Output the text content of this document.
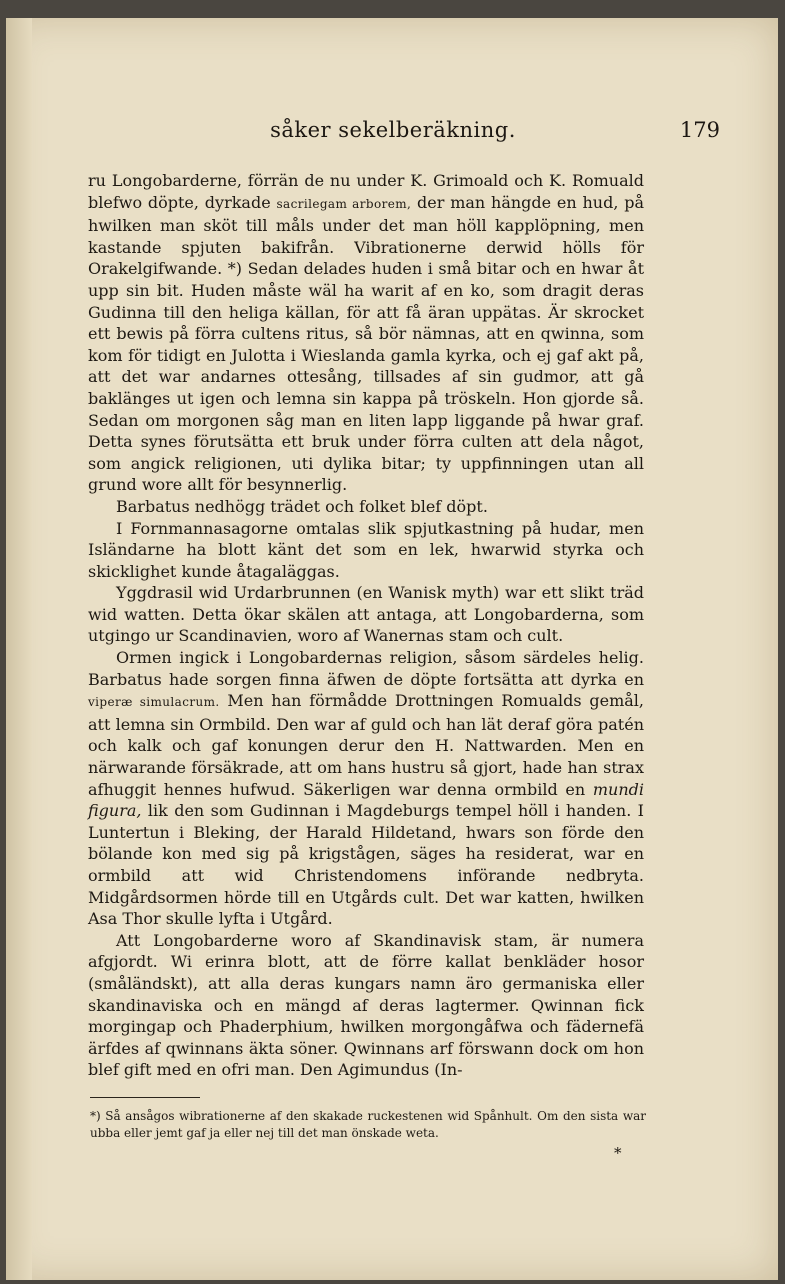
såker sekelberäkning.	179

ru Longobarderne, förrän de nu under K. Grimoald och K. Romuald blefwo döpte, dyrkade sacrilegam arborem, der man hängde en hud, på hwilken man sköt till måls under det man höll kapplöpning, men kastande spjuten bakifrån. Vibrationerne derwid hölls för Orakelgifwande. *) Sedan delades huden i små bitar och en hwar åt upp sin bit. Huden måste wäl ha warit af en ko, som dragit deras Gudinna till den heliga källan, för att få äran uppätas. Är skrocket ett bewis på förra cultens ritus, så bör nämnas, att en qwinna, som kom för tidigt en Julotta i Wieslanda gamla kyrka, och ej gaf akt på, att det war andarnes ottesång, tillsades af sin gudmor, att gå baklänges ut igen och lemna sin kappa på tröskeln. Hon gjorde så. Sedan om morgonen såg man en liten lapp liggande på hwar graf. Detta synes förutsätta ett bruk under förra culten att dela något, som angick religionen, uti dylika bitar; ty uppfinningen utan all grund wore allt för besynnerlig.

Barbatus nedhögg trädet och folket blef döpt.

I Fornmannasagorne omtalas slik spjutkastning på hudar, men Isländarne ha blott känt det som en lek, hwarwid styrka och skicklighet kunde åtagaläggas.

Yggdrasil wid Urdarbrunnen (en Wanisk myth) war ett slikt träd wid watten. Detta ökar skälen att antaga, att Longobarderna, som utgingo ur Scandinavien, woro af Wanernas stam och cult.

Ormen ingick i Longobardernas religion, såsom särdeles helig. Barbatus hade sorgen finna äfwen de döpte fortsätta att dyrka en viperæ simulacrum. Men han förmådde Drottningen Romualds gemål, att lemna sin Ormbild. Den war af guld och han lät deraf göra patén och kalk och gaf konungen derur den H. Nattwarden. Men en närwarande försäkrade, att om hans hustru så gjort, hade han strax afhuggit hennes hufwud. Säkerligen war denna ormbild en mundi figura, lik den som Gudinnan i Magdeburgs tempel höll i handen. I Luntertun i Bleking, der Harald Hildetand, hwars son förde den bölande kon med sig på krigstågen, säges ha residerat, war en ormbild att wid Christendomens införande nedbryta. Midgårdsormen hörde till en Utgårds cult. Det war katten, hwilken Asa Thor skulle lyfta i Utgård.

Att Longobarderne woro af Skandinavisk stam, är numera afgjordt. Wi erinra blott, att de förre kallat benkläder hosor (småländskt), att alla deras kungars namn äro germaniska eller skandinaviska och en mängd af deras lagtermer. Qwinnan fick morgingap och Phaderphium, hwilken morgongåfwa och fädernefä ärfdes af qwinnans äkta söner. Qwinnans arf förswann dock om hon blef gift med en ofri man. Den Agimundus (In-

*) Så ansågos wibrationerne af den skakade ruckestenen wid Spånhult. Om den sista war ubba eller jemt gaf ja eller nej till det man önskade weta.

*
